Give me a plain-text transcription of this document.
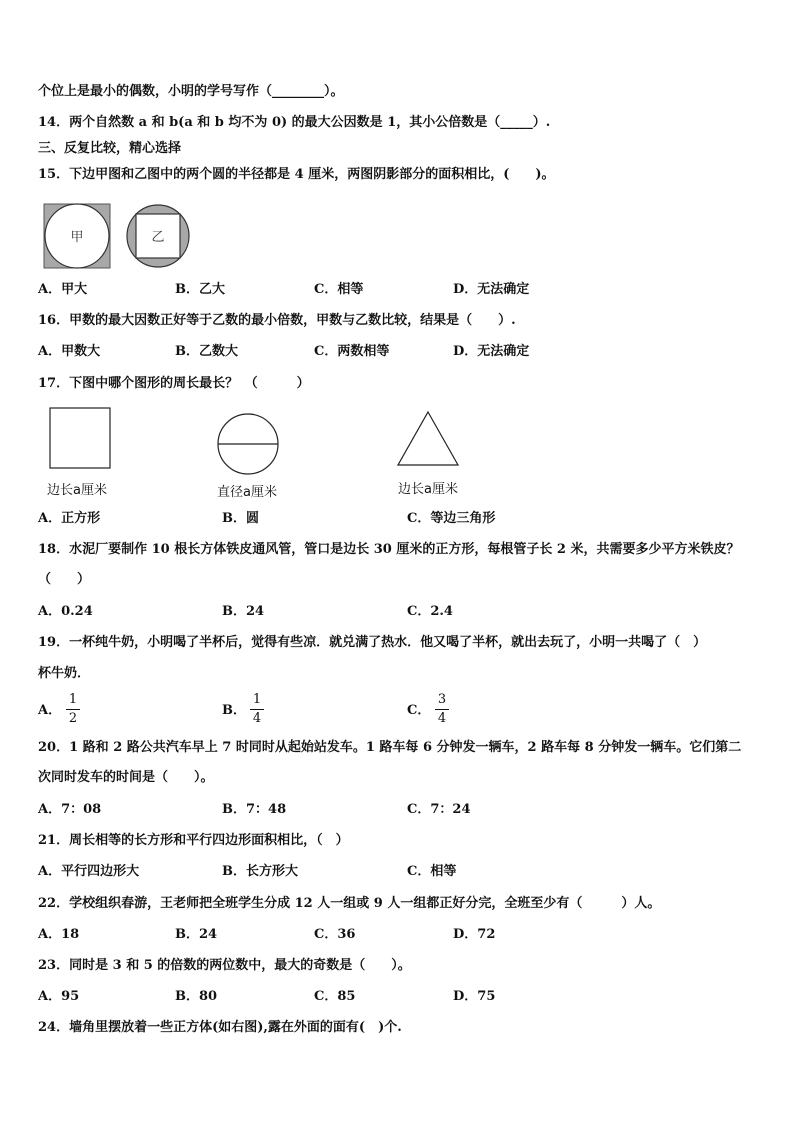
个位上是最小的偶数，小明的学号写作（________）。
14．两个自然数 a 和 b(a 和 b 均不为 0) 的最大公因数是 1，其小公倍数是（_____）.
三、反复比较，精心选择
15．下边甲图和乙图中的两个圆的半径都是 4 厘米，两图阴影部分的面积相比，(　　)。
甲	乙
A．甲大	B．乙大	C．相等	D．无法确定
16．甲数的最大因数正好等于乙数的最小倍数，甲数与乙数比较，结果是（　　）.
A．甲数大	B．乙数大	C．两数相等	D．无法确定
17．下图中哪个图形的周长最长？　（　　　）
边长a厘米	直径a厘米	边长a厘米
A．正方形	B．圆	C．等边三角形
18．水泥厂要制作 10 根长方体铁皮通风管，管口是边长 30 厘米的正方形，每根管子长 2 米，共需要多少平方米铁皮？
（　　）
A．0.24	B．24	C．2.4
19．一杯纯牛奶，小明喝了半杯后，觉得有些凉．就兑满了热水．他又喝了半杯，就出去玩了，小明一共喝了（　）
杯牛奶．
A．
1
2
B．
1
4
C．
3
4
20．1 路和 2 路公共汽车早上 7 时同时从起始站发车。1 路车每 6 分钟发一辆车，2 路车每 8 分钟发一辆车。它们第二
次同时发车的时间是（　　）。
A．7：08	B．7：48	C．7：24
21．周长相等的长方形和平行四边形面积相比，（　）
A．平行四边形大	B．长方形大	C．相等
22．学校组织春游，王老师把全班学生分成 12 人一组或 9 人一组都正好分完，全班至少有（　　　）人。
A．18	B．24	C．36	D．72
23．同时是 3 和 5 的倍数的两位数中，最大的奇数是（　　）。
A．95	B．80	C．85	D．75
24．墙角里摆放着一些正方体(如右图),露在外面的面有(　)个.
